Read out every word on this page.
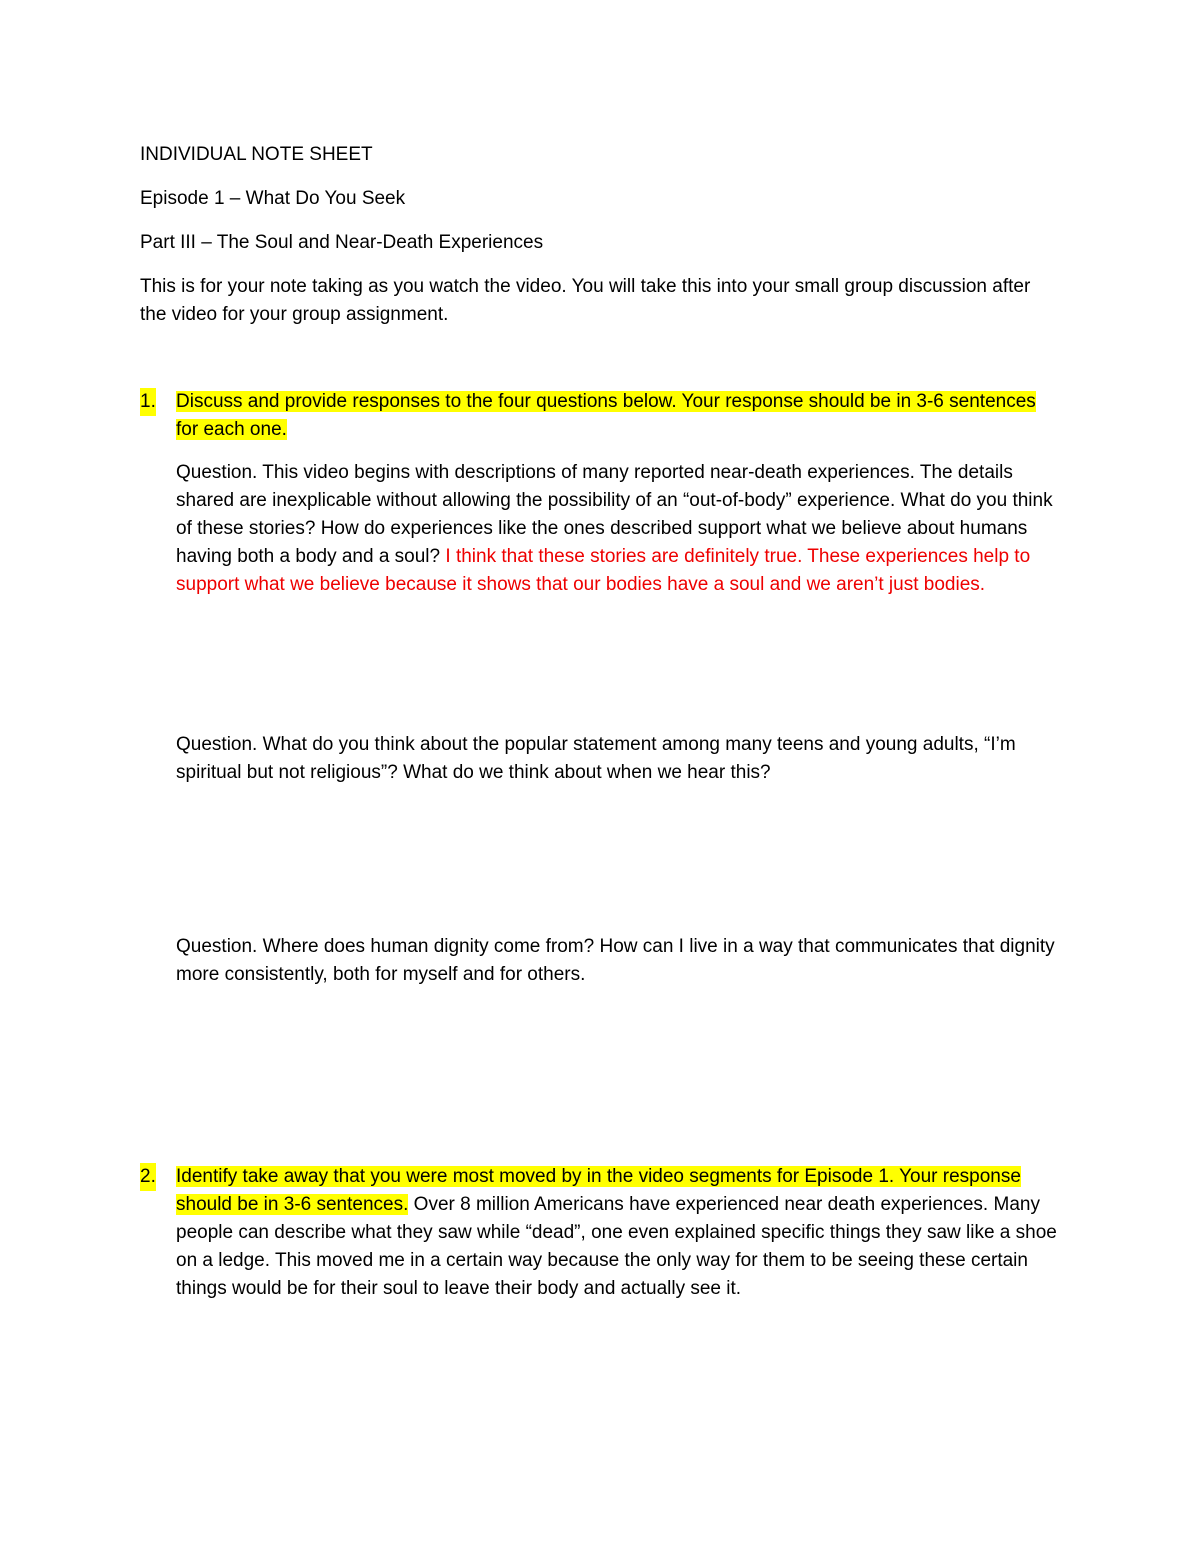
INDIVIDUAL NOTE SHEET

Episode 1 – What Do You Seek

Part III – The Soul and Near-Death Experiences

This is for your note taking as you watch the video. You will take this into your small group discussion after the video for your group assignment.

1. Discuss and provide responses to the four questions below. Your response should be in 3-6 sentences for each one.

Question. This video begins with descriptions of many reported near-death experiences. The details shared are inexplicable without allowing the possibility of an “out-of-body” experience. What do you think of these stories? How do experiences like the ones described support what we believe about humans having both a body and a soul? I think that these stories are definitely true. These experiences help to support what we believe because it shows that our bodies have a soul and we aren’t just bodies.

Question. What do you think about the popular statement among many teens and young adults, “I’m spiritual but not religious”? What do we think about when we hear this?

Question. Where does human dignity come from? How can I live in a way that communicates that dignity more consistently, both for myself and for others.

2. Identify take away that you were most moved by in the video segments for Episode 1. Your response should be in 3-6 sentences. Over 8 million Americans have experienced near death experiences. Many people can describe what they saw while “dead”, one even explained specific things they saw like a shoe on a ledge. This moved me in a certain way because the only way for them to be seeing these certain things would be for their soul to leave their body and actually see it.
